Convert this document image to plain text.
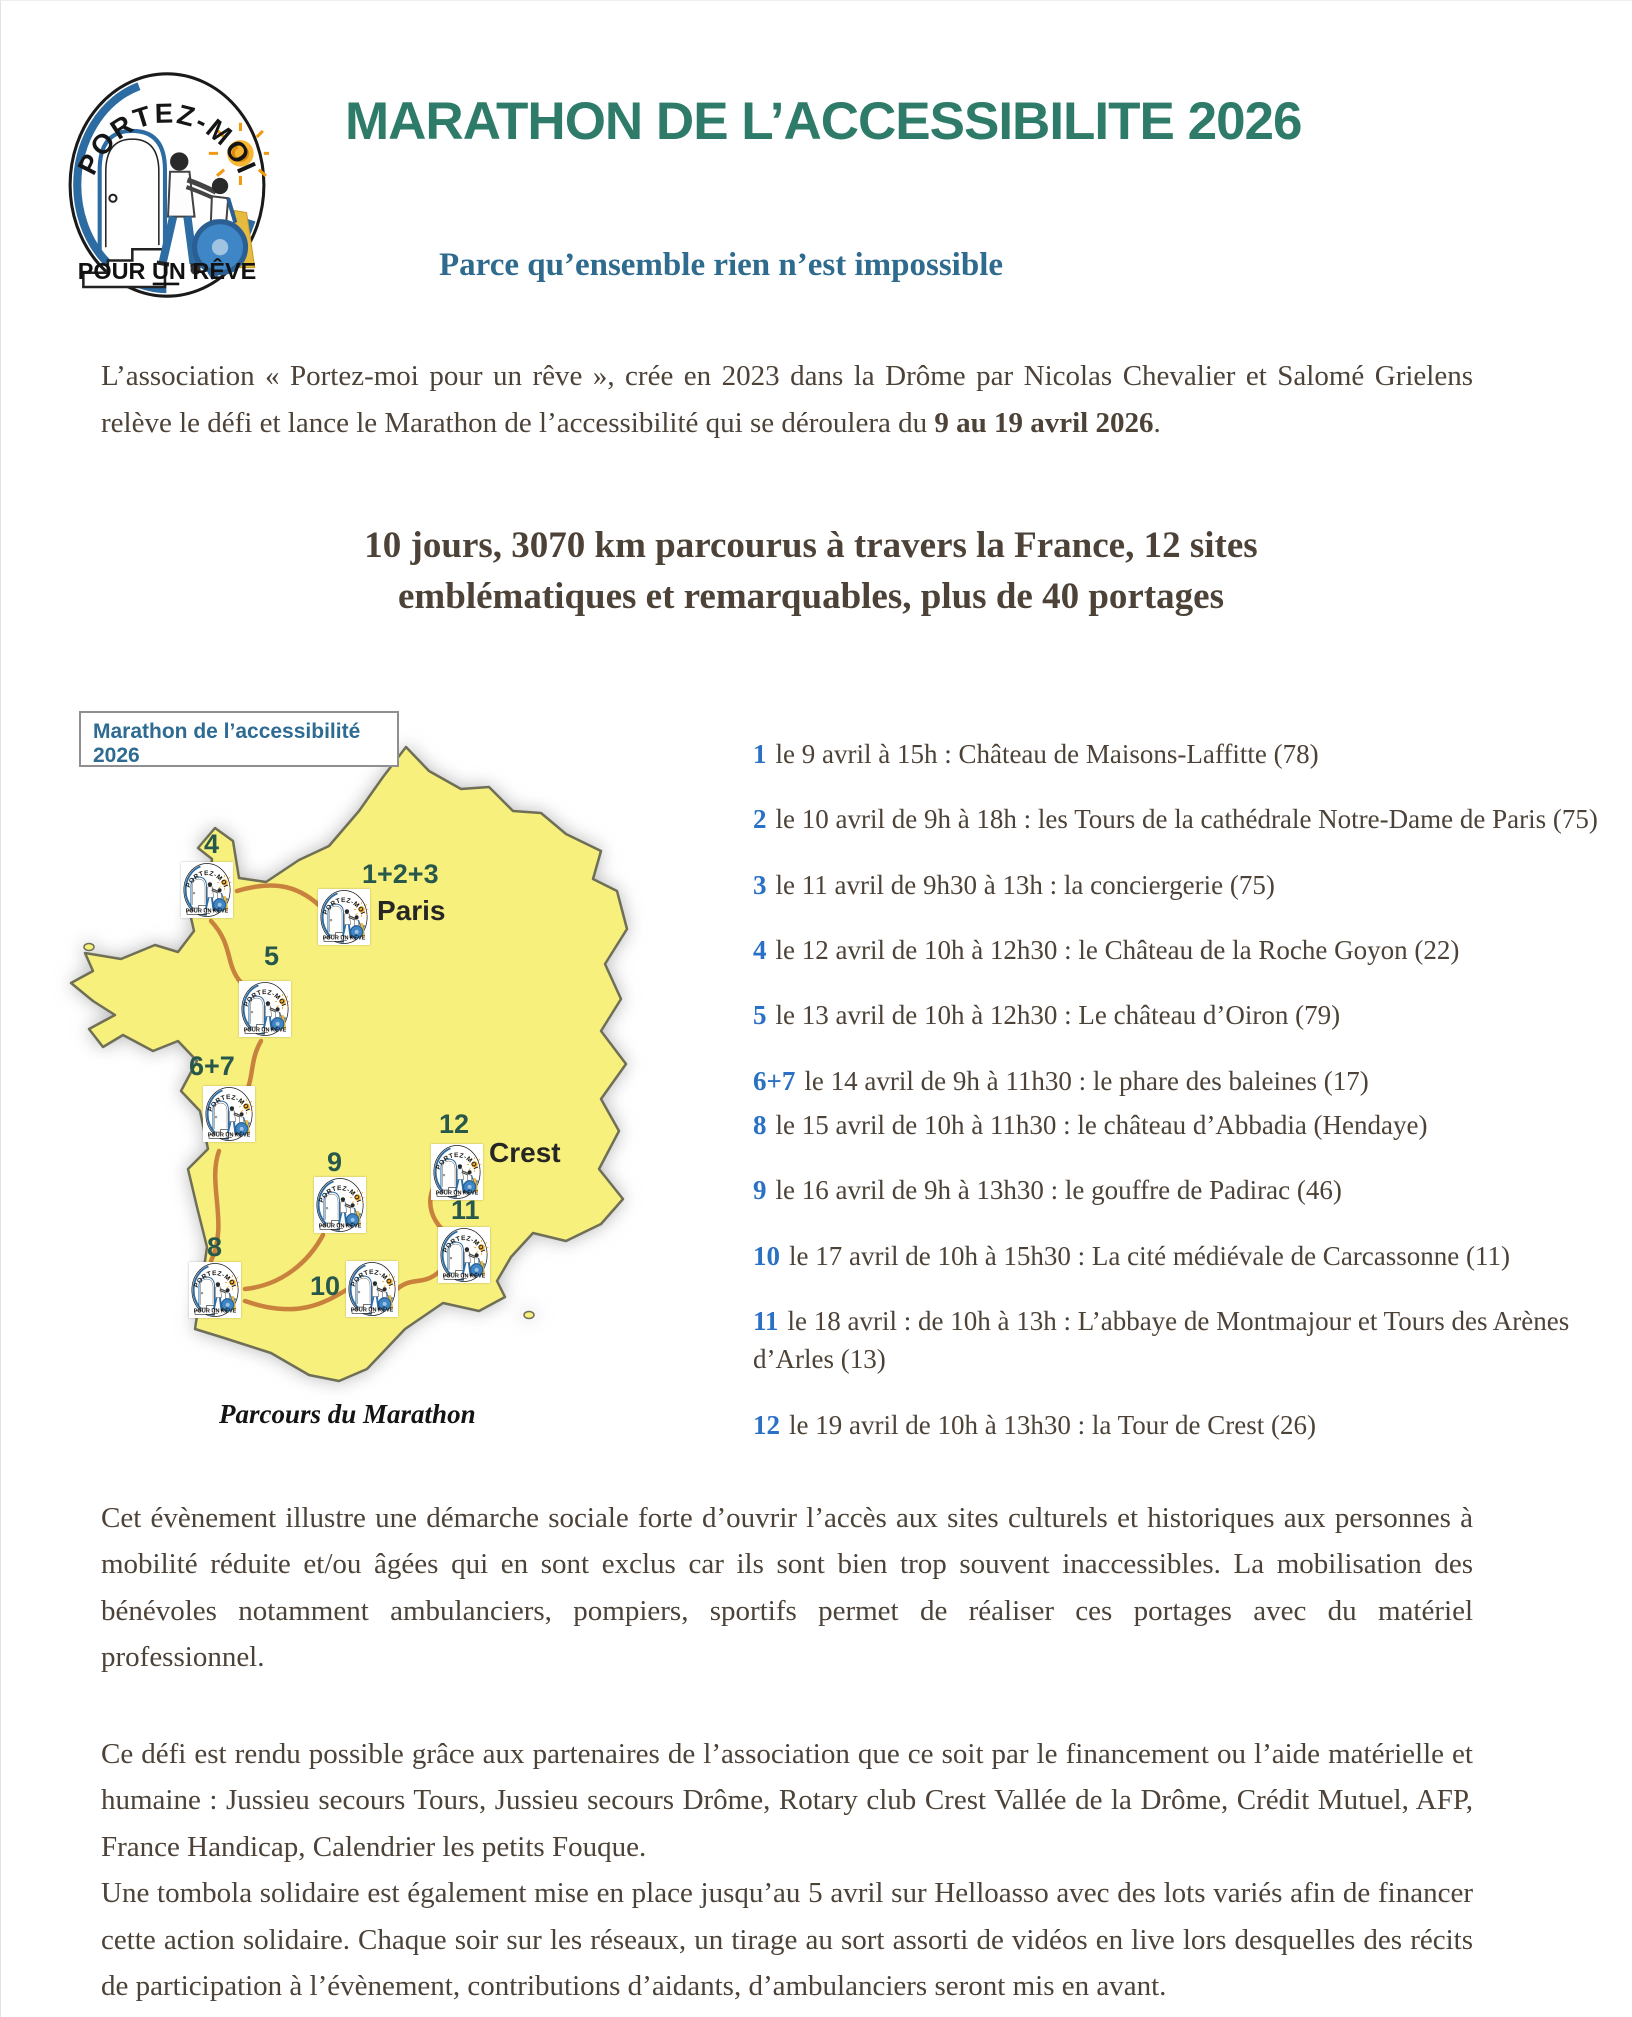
MARATHON DE L’ACCESSIBILITE 2026
Parce qu’ensemble rien n’est impossible
L’association « Portez-moi pour un rêve », crée en 2023 dans la Drôme par Nicolas Chevalier et Salomé Grielens relève le défi et lance le Marathon de l’accessibilité qui se déroulera du 9 au 19 avril 2026.
10 jours, 3070 km parcourus à travers la France, 12 sites
emblématiques et remarquables, plus de 40 portages
Marathon de l’accessibilité 2026
4
1+2+3
5
6+7
8
9
10
11
12
Paris
Crest
Parcours du Marathon

1 le 9 avril à 15h : Château de Maisons-Laffitte (78)

2 le 10 avril de 9h à 18h : les Tours de la cathédrale Notre-Dame de Paris (75)

3 le 11 avril de 9h30 à 13h : la conciergerie (75)

4 le 12 avril de 10h à 12h30 : le Château de la Roche Goyon (22)

5 le 13 avril de 10h à 12h30 : Le château d’Oiron (79)

6+7 le 14 avril de 9h à 11h30 : le phare des baleines (17)

8 le 15 avril de 10h à 11h30 : le château d’Abbadia (Hendaye)

9 le 16 avril de 9h à 13h30 : le gouffre de Padirac (46)

10 le 17 avril de 10h à 15h30 : La cité médiévale de Carcassonne (11)

11 le 18 avril : de 10h à 13h : L’abbaye de Montmajour et Tours des Arènes d’Arles (13)

12 le 19 avril de 10h à 13h30 : la Tour de Crest (26)

Cet évènement illustre une démarche sociale forte d’ouvrir l’accès aux sites culturels et historiques aux personnes à mobilité réduite et/ou âgées qui en sont exclus car ils sont bien trop souvent inaccessibles. La mobilisation des bénévoles notamment ambulanciers, pompiers, sportifs permet de réaliser ces portages avec du matériel professionnel.

Ce défi est rendu possible grâce aux partenaires de l’association que ce soit par le financement ou l’aide matérielle et humaine : Jussieu secours Tours, Jussieu secours Drôme, Rotary club Crest Vallée de la Drôme, Crédit Mutuel, AFP, France Handicap, Calendrier les petits Fouque.

Une tombola solidaire est également mise en place jusqu’au 5 avril sur Helloasso avec des lots variés afin de financer cette action solidaire. Chaque soir sur les réseaux, un tirage au sort assorti de vidéos en live lors desquelles des récits de participation à l’évènement, contributions d’aidants, d’ambulanciers seront mis en avant.
